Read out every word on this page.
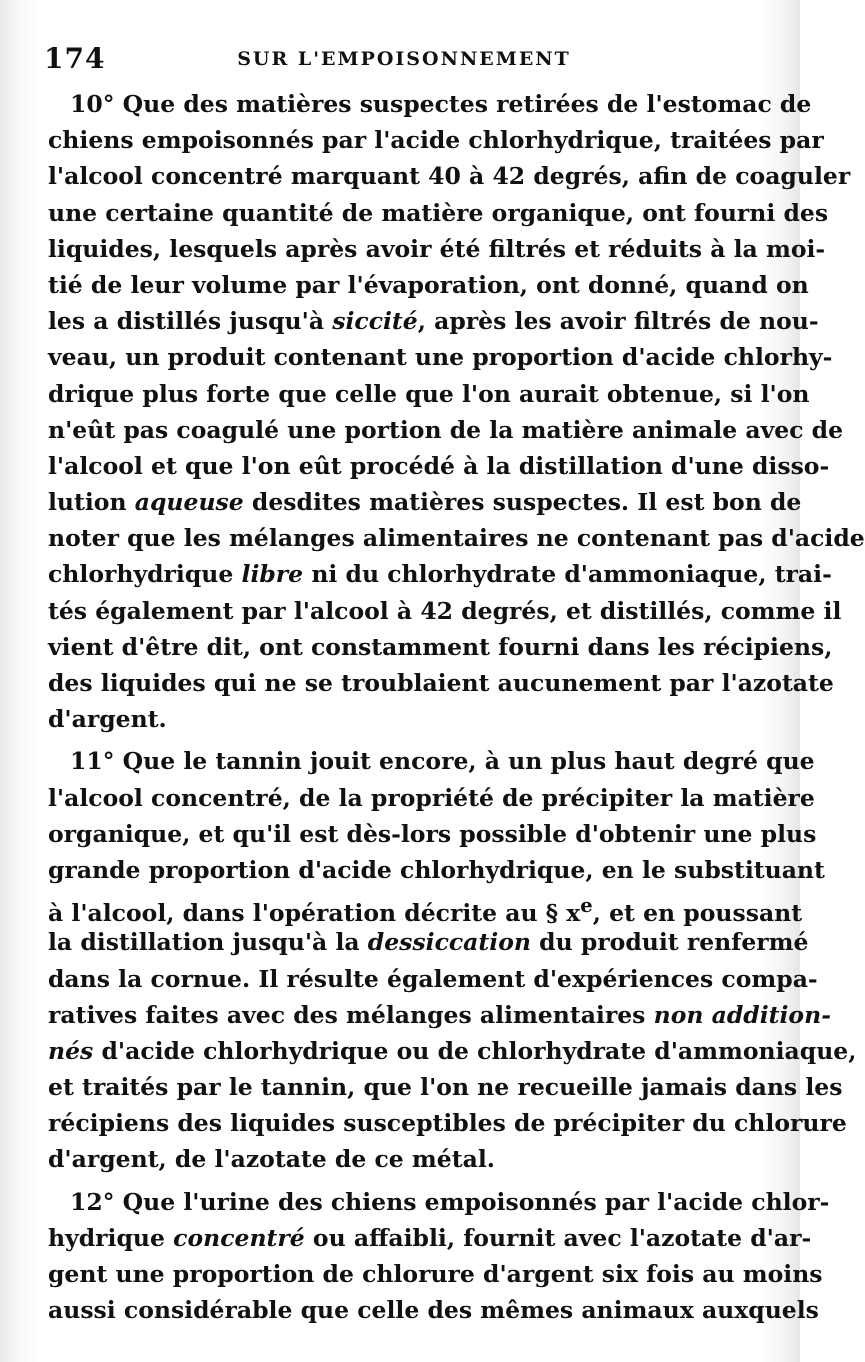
174	SUR L'EMPOISONNEMENT
10° Que des matières suspectes retirées de l'estomac de
chiens empoisonnés par l'acide chlorhydrique, traitées par
l'alcool concentré marquant 40 à 42 degrés, afin de coaguler
une certaine quantité de matière organique, ont fourni des
liquides, lesquels après avoir été filtrés et réduits à la moi-
tié de leur volume par l'évaporation, ont donné, quand on
les a distillés jusqu'à siccité, après les avoir filtrés de nou-
veau, un produit contenant une proportion d'acide chlorhy-
drique plus forte que celle que l'on aurait obtenue, si l'on
n'eût pas coagulé une portion de la matière animale avec de
l'alcool et que l'on eût procédé à la distillation d'une disso-
lution aqueuse desdites matières suspectes. Il est bon de
noter que les mélanges alimentaires ne contenant pas d'acide
chlorhydrique libre ni du chlorhydrate d'ammoniaque, trai-
tés également par l'alcool à 42 degrés, et distillés, comme il
vient d'être dit, ont constamment fourni dans les récipiens,
des liquides qui ne se troublaient aucunement par l'azotate
d'argent.
11° Que le tannin jouit encore, à un plus haut degré que
l'alcool concentré, de la propriété de précipiter la matière
organique, et qu'il est dès-lors possible d'obtenir une plus
grande proportion d'acide chlorhydrique, en le substituant
à l'alcool, dans l'opération décrite au § $x^e$, et en poussant
la distillation jusqu'à la dessiccation du produit renfermé
dans la cornue. Il résulte également d'expériences compa-
ratives faites avec des mélanges alimentaires non addition-
nés d'acide chlorhydrique ou de chlorhydrate d'ammoniaque,
et traités par le tannin, que l'on ne recueille jamais dans les
récipiens des liquides susceptibles de précipiter du chlorure
d'argent, de l'azotate de ce métal.
12° Que l'urine des chiens empoisonnés par l'acide chlor-
hydrique concentré ou affaibli, fournit avec l'azotate d'ar-
gent une proportion de chlorure d'argent six fois au moins
aussi considérable que celle des mêmes animaux auxquels
